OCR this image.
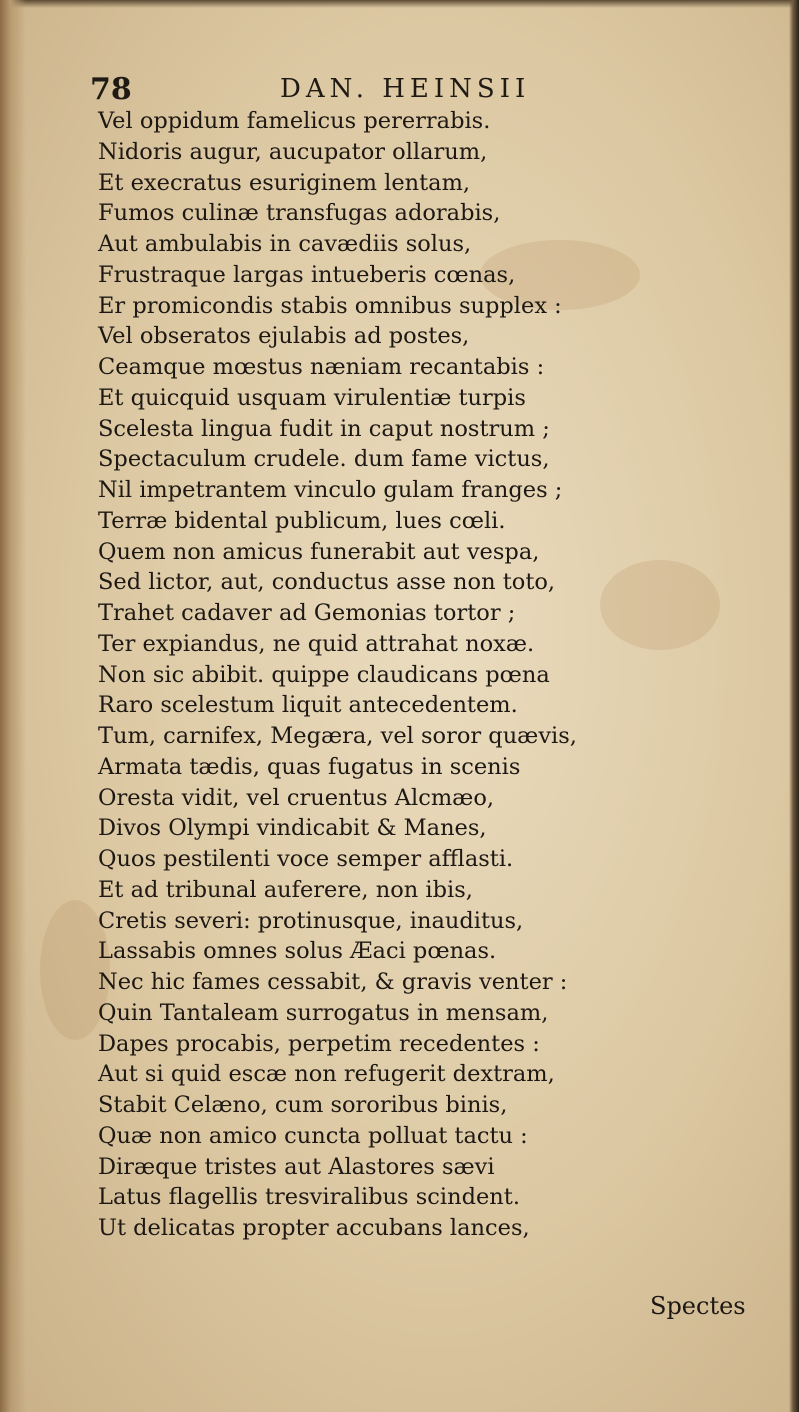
78	DAN. HEINSII
Vel oppidum famelicus pererrabis.
Nidoris augur, aucupator ollarum,
Et execratus esuriginem lentam,
Fumos culinæ transfugas adorabis,
Aut ambulabis in cavædiis solus,
Frustraque largas intueberis cœnas,
Er promicondis stabis omnibus supplex :
Vel obseratos ejulabis ad postes,
Ceamque mœstus næniam recantabis :
Et quicquid usquam virulentiæ turpis
Scelesta lingua fudit in caput nostrum ;
Spectaculum crudele. dum fame victus,
Nil impetrantem vinculo gulam franges ;
Terræ bidental publicum, lues cœli.
Quem non amicus funerabit aut vespa,
Sed lictor, aut, conductus asse non toto,
Trahet cadaver ad Gemonias tortor ;
Ter expiandus, ne quid attrahat noxæ.
Non sic abibit. quippe claudicans pœna
Raro scelestum liquit antecedentem.
Tum, carnifex, Megæra, vel soror quævis,
Armata tædis, quas fugatus in scenis
Oresta vidit, vel cruentus Alcmæo,
Divos Olympi vindicabit & Manes,
Quos pestilenti voce semper afflasti.
Et ad tribunal auferere, non ibis,
Cretis severi: protinusque, inauditus,
Lassabis omnes solus Æaci pœnas.
Nec hic fames cessabit, & gravis venter :
Quin Tantaleam surrogatus in mensam,
Dapes procabis, perpetim recedentes :
Aut si quid escæ non refugerit dextram,
Stabit Celæno, cum sororibus binis,
Quæ non amico cuncta polluat tactu :
Diræque tristes aut Alastores sævi
Latus flagellis tresviralibus scindent.
Ut delicatas propter accubans lances,
Spectes
